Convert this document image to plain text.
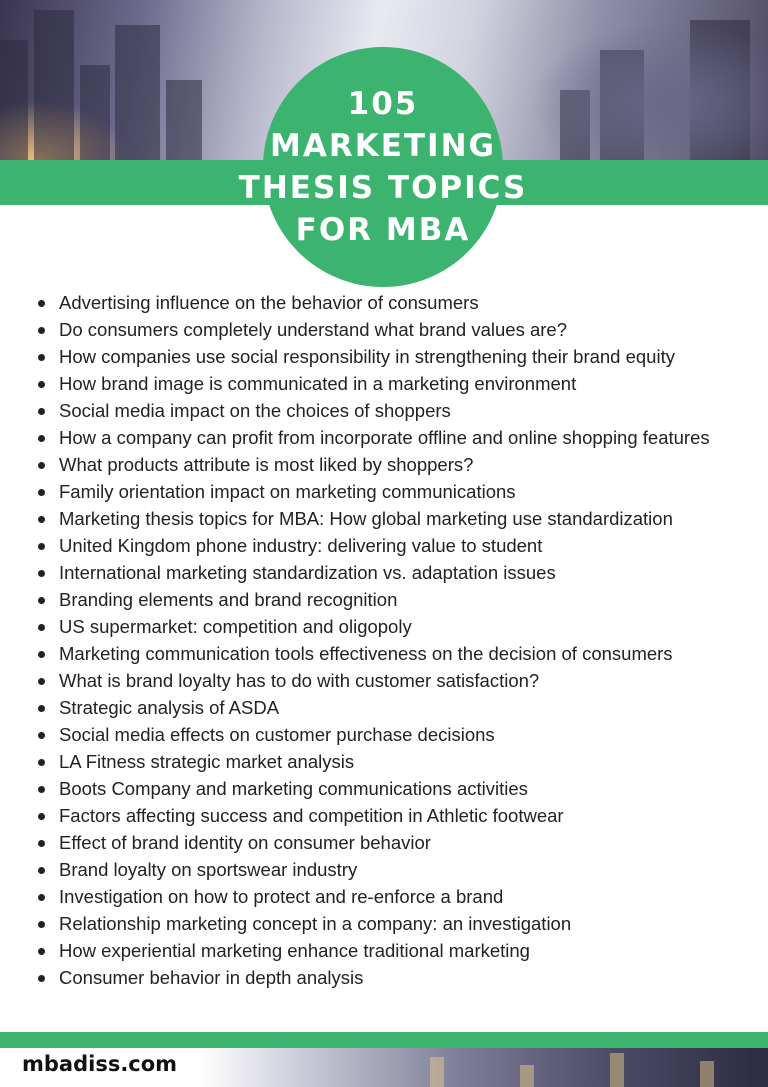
105
MARKETING
THESIS TOPICS
FOR MBA
Advertising influence on the behavior of consumers
Do consumers completely understand what brand values are?
How companies use social responsibility in strengthening their brand equity
How brand image is communicated in a marketing environment
Social media impact on the choices of shoppers
How a company can profit from incorporate offline and online shopping features
What products attribute is most liked by shoppers?
Family orientation impact on marketing communications
Marketing thesis topics for MBA: How global marketing use standardization
United Kingdom phone industry: delivering value to student
International marketing standardization vs. adaptation issues
Branding elements and brand recognition
US supermarket: competition and oligopoly
Marketing communication tools effectiveness on the decision of consumers
What is brand loyalty has to do with customer satisfaction?
Strategic analysis of ASDA
Social media effects on customer purchase decisions
LA Fitness strategic market analysis
Boots Company and marketing communications activities
Factors affecting success and competition in Athletic footwear
Effect of brand identity on consumer behavior
Brand loyalty on sportswear industry
Investigation on how to protect and re-enforce a brand
Relationship marketing concept in a company: an investigation
How experiential marketing enhance traditional marketing
Consumer behavior in depth analysis
mbadiss.com
